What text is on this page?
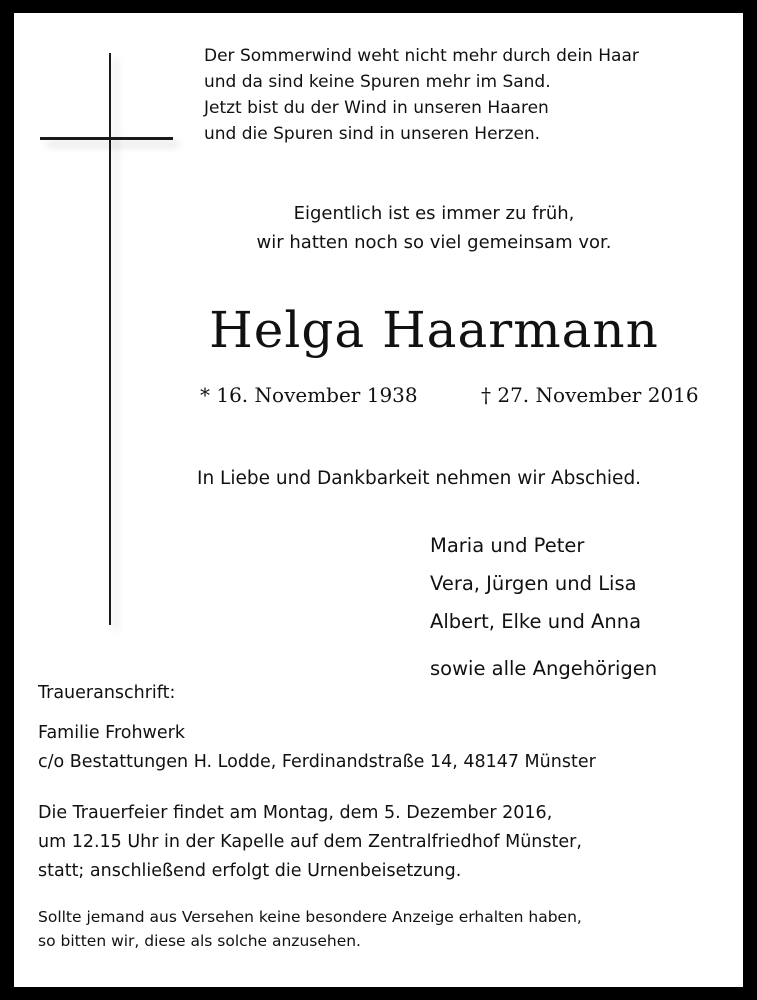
Der Sommerwind weht nicht mehr durch dein Haar
und da sind keine Spuren mehr im Sand.
Jetzt bist du der Wind in unseren Haaren
und die Spuren sind in unseren Herzen.
Eigentlich ist es immer zu früh,
wir hatten noch so viel gemeinsam vor.
Helga Haarmann
* 16. November 1938	† 27. November 2016
In Liebe und Dankbarkeit nehmen wir Abschied.
Maria und Peter
Vera, Jürgen und Lisa
Albert, Elke und Anna
sowie alle Angehörigen
Traueranschrift:
Familie Frohwerk
c/o Bestattungen H. Lodde, Ferdinandstraße 14, 48147 Münster
Die Trauerfeier findet am Montag, dem 5. Dezember 2016,
um 12.15 Uhr in der Kapelle auf dem Zentralfriedhof Münster,
statt; anschließend erfolgt die Urnenbeisetzung.
Sollte jemand aus Versehen keine besondere Anzeige erhalten haben,
so bitten wir, diese als solche anzusehen.
